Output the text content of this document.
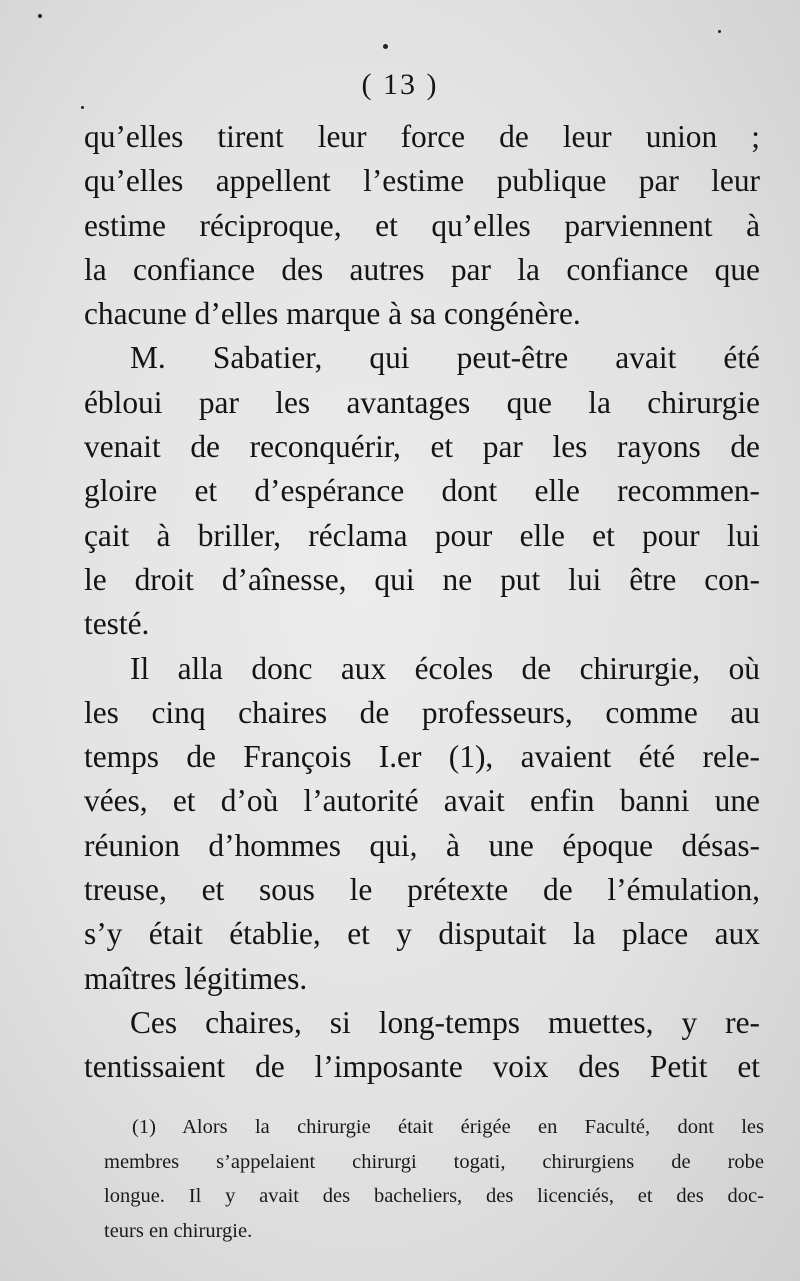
( 13 )
qu’elles tirent leur force de leur union ;
qu’elles appellent l’estime publique par leur
estime réciproque, et qu’elles parviennent à
la confiance des autres par la confiance que
chacune d’elles marque à sa congénère.
M. Sabatier, qui peut-être avait été
ébloui par les avantages que la chirurgie
venait de reconquérir, et par les rayons de
gloire et d’espérance dont elle recommen-
çait à briller, réclama pour elle et pour lui
le droit d’aînesse, qui ne put lui être con-
testé.
Il alla donc aux écoles de chirurgie, où
les cinq chaires de professeurs, comme au
temps de François I.er (1), avaient été rele-
vées, et d’où l’autorité avait enfin banni une
réunion d’hommes qui, à une époque désas-
treuse, et sous le prétexte de l’émulation,
s’y était établie, et y disputait la place aux
maîtres légitimes.
Ces chaires, si long-temps muettes, y re-
tentissaient de l’imposante voix des Petit et
(1) Alors la chirurgie était érigée en Faculté, dont les
membres s’appelaient chirurgi togati, chirurgiens de robe
longue. Il y avait des bacheliers, des licenciés, et des doc-
teurs en chirurgie.
